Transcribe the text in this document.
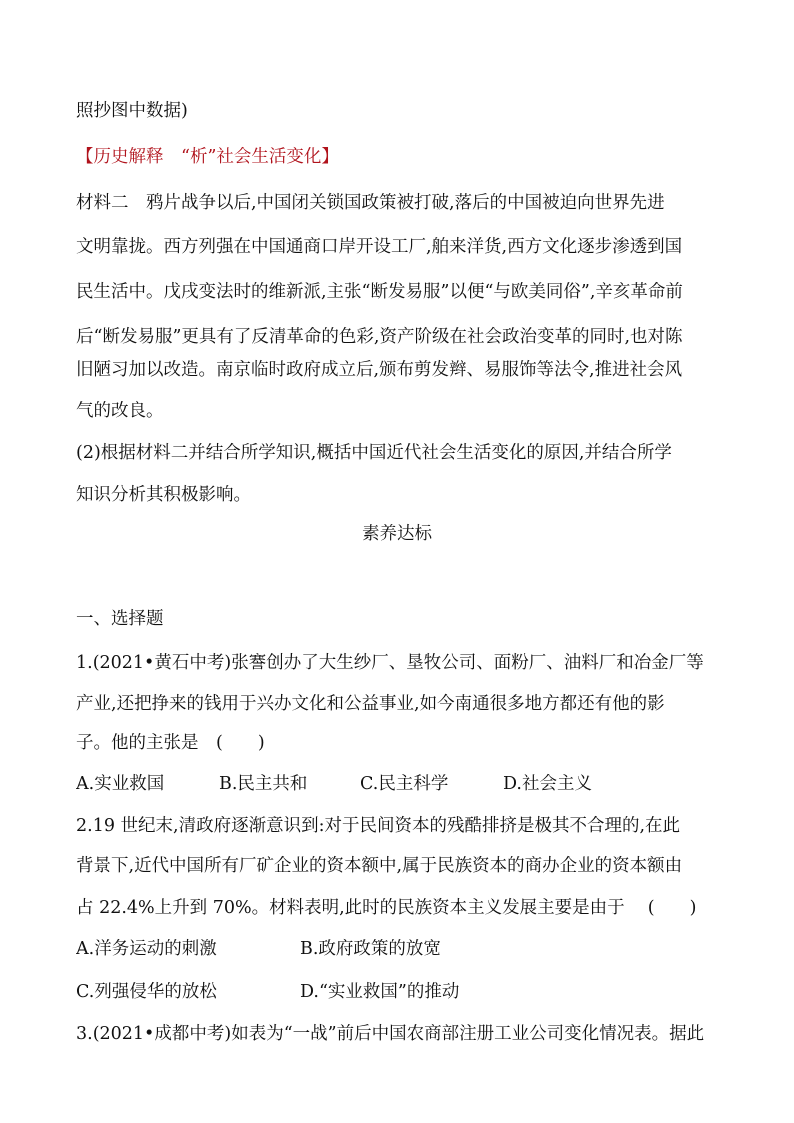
照抄图中数据)
【历史解释　“析”社会生活变化】
材料二　鸦片战争以后,中国闭关锁国政策被打破,落后的中国被迫向世界先进
文明靠拢。西方列强在中国通商口岸开设工厂,舶来洋货,西方文化逐步渗透到国
民生活中。戊戌变法时的维新派,主张“断发易服”以便“与欧美同俗”,辛亥革命前
后“断发易服”更具有了反清革命的色彩,资产阶级在社会政治变革的同时,也对陈
旧陋习加以改造。南京临时政府成立后,颁布剪发辫、易服饰等法令,推进社会风
气的改良。
(2)根据材料二并结合所学知识,概括中国近代社会生活变化的原因,并结合所学
知识分析其积极影响。
素养达标
一、选择题
1.(2021•黄石中考)张謇创办了大生纱厂、垦牧公司、面粉厂、油料厂和冶金厂等
产业,还把挣来的钱用于兴办文化和公益事业,如今南通很多地方都还有他的影
子。他的主张是　(　　)
A.实业救国	B.民主共和	C.民主科学	D.社会主义
2.19 世纪末,清政府逐渐意识到:对于民间资本的残酷排挤是极其不合理的,在此
背景下,近代中国所有厂矿企业的资本额中,属于民族资本的商办企业的资本额由
占 22.4%上升到 70%。材料表明,此时的民族资本主义发展主要是由于　 (　　)
A.洋务运动的刺激	B.政府政策的放宽
C.列强侵华的放松	D.“实业救国”的推动
3.(2021•成都中考)如表为“一战”前后中国农商部注册工业公司变化情况表。据此
